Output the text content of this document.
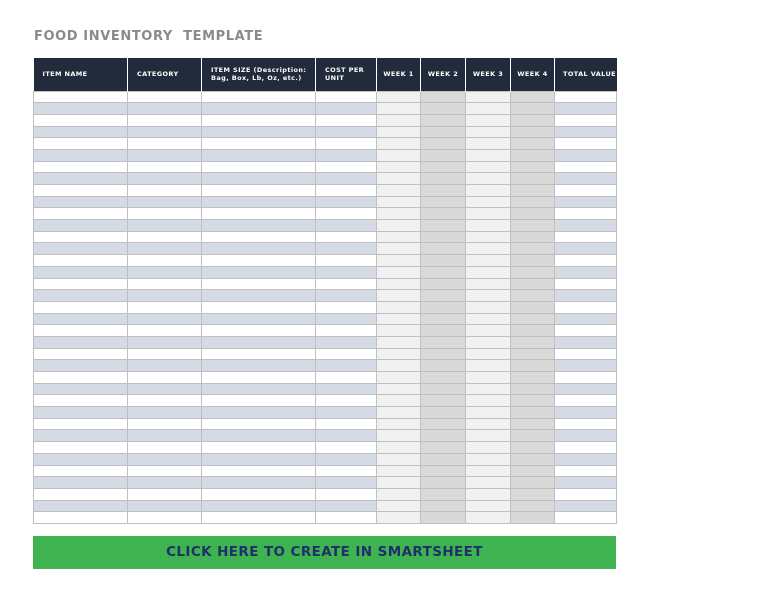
FOOD INVENTORY  TEMPLATE
ITEM NAME	CATEGORY	ITEM SIZE (Description: Bag, Box, Lb, Oz, etc.)	COST PER UNIT	WEEK 1	WEEK 2	WEEK 3	WEEK 4	TOTAL VALUE

CLICK HERE TO CREATE IN SMARTSHEET
